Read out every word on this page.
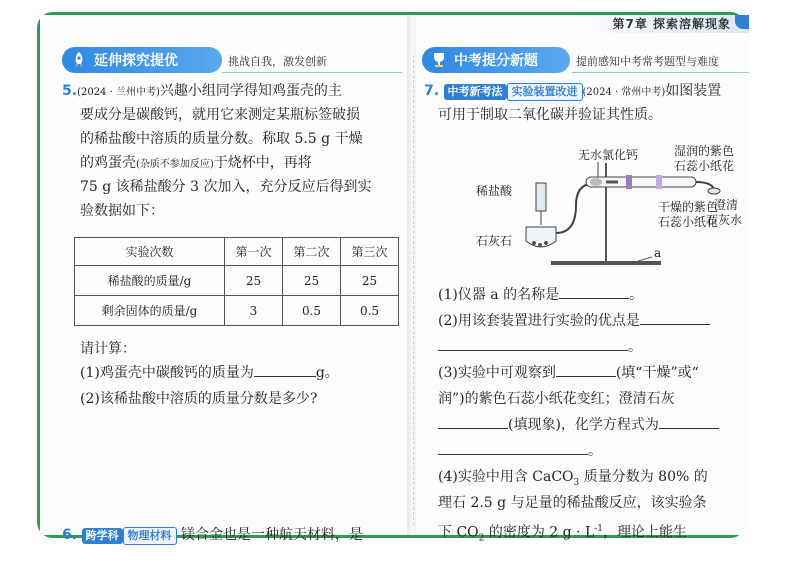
延伸探究提优	挑战自我，激发创新
5.(2024 · 兰州中考)兴趣小组同学得知鸡蛋壳的主
要成分是碳酸钙，就用它来测定某瓶标签破损
的稀盐酸中溶质的质量分数。称取 5.5 g 干燥
的鸡蛋壳(杂质不参加反应)于烧杯中，再将
75 g 该稀盐酸分 3 次加入，充分反应后得到实
验数据如下：
实验次数	第一次	第二次	第三次
稀盐酸的质量/g	25	25	25
剩余固体的质量/g	3	0.5	0.5
请计算：
(1)鸡蛋壳中碳酸钙的质量为	g。
(2)该稀盐酸中溶质的质量分数是多少?
6. 跨学科 物理材料 镁合金也是一种航天材料，是
第7章 探索溶解现象
中考提分新题	提前感知中考常考题型与难度
7. 中考新考法 实验装置改进 (2024 · 常州中考)如图装置
可用于制取二氧化碳并验证其性质。
无水氯化钙	湿润的紫色
石蕊小纸花
稀盐酸
干燥的紫色
石蕊小纸花
澄清
石灰水
石灰石
a
(1)仪器 a 的名称是	。
(2)用该套装置进行实验的优点是
。
(3)实验中可观察到	(填“干燥”或“
润”)的紫色石蕊小纸花变红；澄清石灰
(填现象)，化学方程式为
。
(4)实验中用含 CaCO$_3$ 质量分数为 80% 的
理石 2.5 g 与足量的稀盐酸反应，该实验条
下 $CO_2$ 的密度为 2 $g \cdot L^{-1}$，理论上能生
